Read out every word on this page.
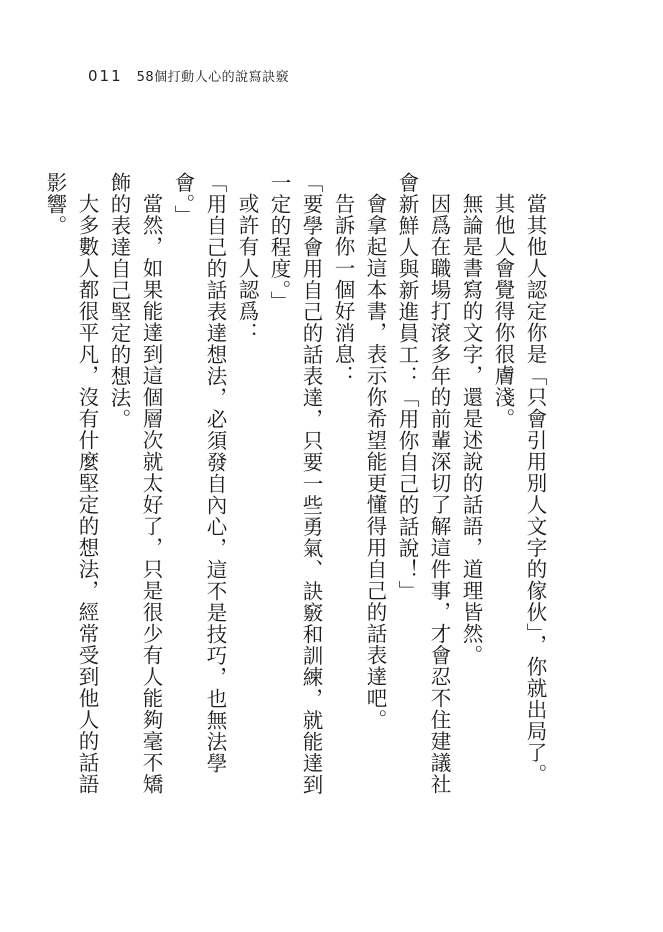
011 58個打動人心的說寫訣竅

當其他人認定你是「只會引用別人文字的傢伙」，你就出局了。

其他人會覺得你很膚淺。

無論是書寫的文字，還是述說的話語，道理皆然。

因爲在職場打滾多年的前輩深切了解這件事，才會忍不住建議社會新鮮人與新進員工：「用你自己的話說！」

會拿起這本書，表示你希望能更懂得用自己的話表達吧。

告訴你一個好消息：

「要學會用自己的話表達，只要一些勇氣、訣竅和訓練，就能達到一定的程度。」

或許有人認爲：

「用自己的話表達想法，必須發自內心，這不是技巧，也無法學會。」

當然，如果能達到這個層次就太好了，只是很少有人能夠毫不矯飾的表達自己堅定的想法。

大多數人都很平凡，沒有什麼堅定的想法，經常受到他人的話語影響。
